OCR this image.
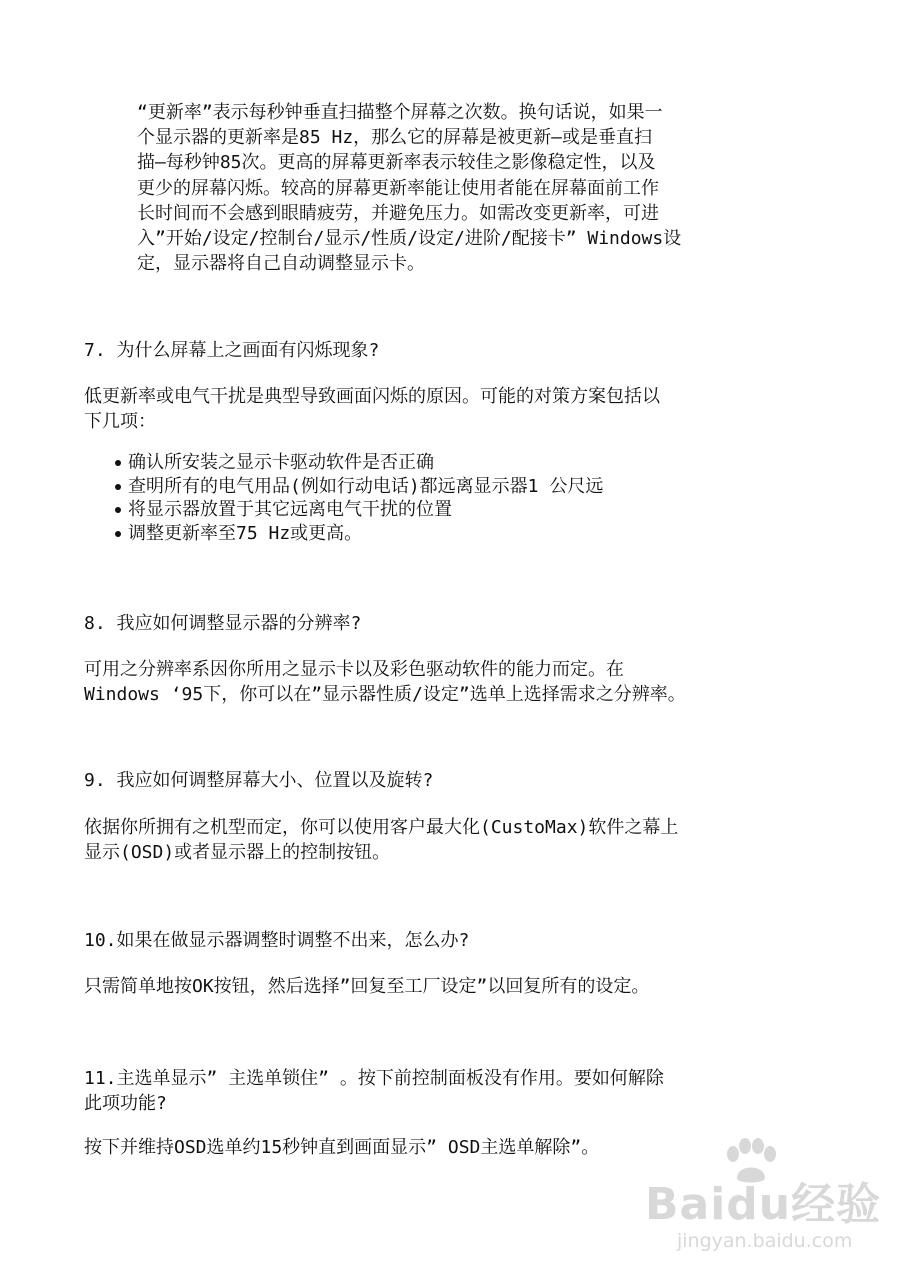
“更新率”表示每秒钟垂直扫描整个屏幕之次数。换句话说，如果一
个显示器的更新率是85 Hz，那么它的屏幕是被更新—或是垂直扫
描—每秒钟85次。更高的屏幕更新率表示较佳之影像稳定性，以及
更少的屏幕闪烁。较高的屏幕更新率能让使用者能在屏幕面前工作
长时间而不会感到眼睛疲劳，并避免压力。如需改变更新率，可进
入”开始/设定/控制台/显示/性质/设定/进阶/配接卡” Windows设
定，显示器将自己自动调整显示卡。

7. 为什么屏幕上之画面有闪烁现象?

低更新率或电气干扰是典型导致画面闪烁的原因。可能的对策方案包括以
下几项：

确认所安装之显示卡驱动软件是否正确
查明所有的电气用品(例如行动电话)都远离显示器1 公尺远
将显示器放置于其它远离电气干扰的位置
调整更新率至75 Hz或更高。

8. 我应如何调整显示器的分辨率?

可用之分辨率系因你所用之显示卡以及彩色驱动软件的能力而定。在
Windows ‘95下，你可以在”显示器性质/设定”选单上选择需求之分辨率。

9. 我应如何调整屏幕大小、位置以及旋转?

依据你所拥有之机型而定，你可以使用客户最大化(CustoMax)软件之幕上
显示(OSD)或者显示器上的控制按钮。

10.如果在做显示器调整时调整不出来，怎么办?

只需简单地按OK按钮，然后选择”回复至工厂设定”以回复所有的设定。

11.主选单显示” 主选单锁住” 。按下前控制面板没有作用。要如何解除
此项功能?

按下并维持OSD选单约15秒钟直到画面显示” OSD主选单解除”。

Baidu经验
jingyan.baidu.com
